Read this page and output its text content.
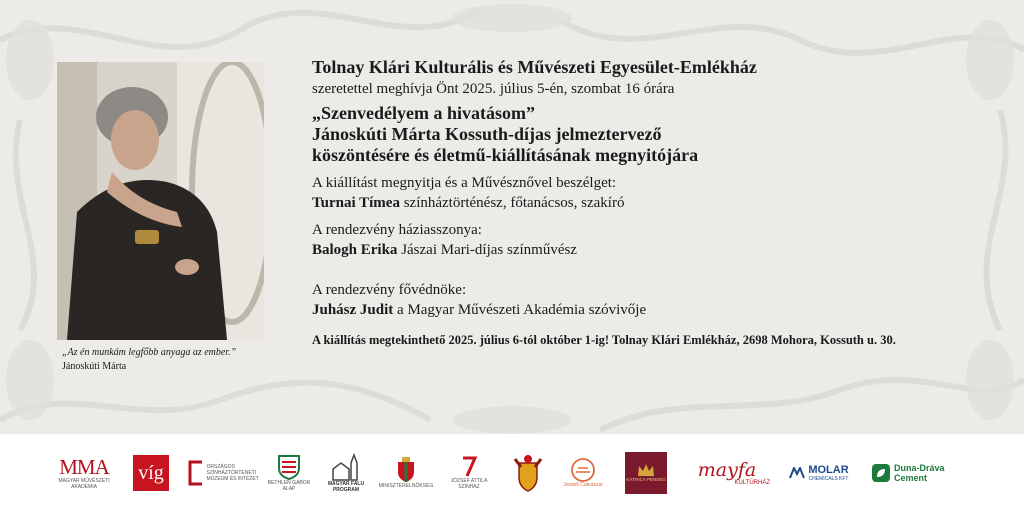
„Az én munkám legfőbb anyaga az ember.”
Jánoskúti Márta
Tolnay Klári Kulturális és Művészeti Egyesület-Emlékház
szeretettel meghívja Önt 2025. július 5-én, szombat 16 órára
„Szenvedélyem a hivatásom”
Jánoskúti Márta Kossuth-díjas jelmeztervező
köszöntésére és életmű-kiállításának megnyitójára
A kiállítást megnyitja és a Művésznővel beszélget:
Turnai Tímea színháztörténész, főtanácsos, szakíró
A rendezvény háziasszonya:
Balogh Erika Jászai Mari-díjas színművész
A rendezvény fővédnöke:
Juhász Judit a Magyar Művészeti Akadémia szóvivője
A kiállítás megtekinthető 2025. július 6-tól október 1-ig! Tolnay Klári Emlékház, 2698 Mohora, Kossuth u. 30.
MMA
MAGYAR MŰVÉSZETI AKADÉMIA
víg	ORSZÁGOS SZÍNHÁZTÖRTÉNETI MÚZEUM ÉS INTÉZET
BETHLEN GÁBOR ALAP
MAGYAR FALU PROGRAM
MINISZTERELNÖKSÉG
JÓZSEF ATTILA SZÍNHÁZ	Jozsefi Cukrászat
KÁTRICA PÉNSÉG mayfa
KULTÚRHÁZ
MOLAR
CHEMICALS KFT
Duna-Dráva
Cement
